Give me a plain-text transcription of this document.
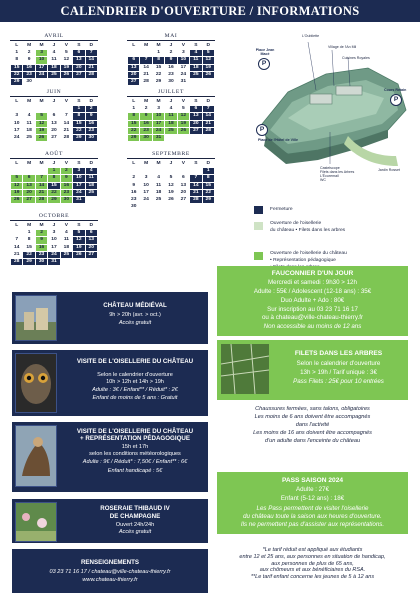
CALENDRIER D'OUVERTURE / INFORMATIONS
AVRIL
L	M	M	J	V	S	D
1	2	3	4	5	6	7
8	9	10	11	12	13	14
15	16	17	18	19	20	21
22	23	24	25	26	27	28
29	30					
MAI
L	M	M	J	V	S	D
		1	2	3	4	5
6	7	8	9	10	11	12
13	14	15	16	17	18	19
20	21	22	23	24	25	26
27	28	29	30	31		
JUIN
L	M	M	J	V	S	D
					1	2
3	4	5	6	7	8	9
10	11	12	13	14	15	16
17	18	19	20	21	22	23
24	25	26	27	28	29	30
JUILLET
L	M	M	J	V	S	D
1	2	3	4	5	6	7
8	9	10	11	12	13	14
15	16	17	18	19	20	21
22	23	24	25	26	27	28
29	30	31				
AOÛT
L	M	M	J	V	S	D
			1	2	3	4
5	6	7	8	9	10	11
12	13	14	15	16	17	18
19	20	21	22	23	24	25
26	27	28	29	30	31	
SEPTEMBRE
L	M	M	J	V	S	D
						1
2	3	4	5	6	7	8
9	10	11	12	13	14	15
16	17	18	19	20	21	22
23	24	25	26	27	28	29
30						
OCTOBRE
L	M	M	J	V	S	D
	1	2	3	4	5	6
7	8	9	10	11	12	13
14	15	16	17	18	19	20
21	22	23	24	25	26	27
28	29	30	31			
L'Oubliette
Village de l'An Mil
Cuisines Royales
Place Jean Macé
P
Cours Retain
P
P
Place de l'Hôtel de Ville
Castelscope
Filets dans les Arbres
L'Écuremail
WC
Jardin Rosset
Fermeture
Ouverture de l'oisellerie
du château • Filets dans les arbres
Ouverture de l'oisellerie du château
• Représentation pédagogique
CHÂTEAU MÉDIÉVAL
9h > 20h (avr. > oct.)
Accès gratuit
VISITE DE L'OISELLERIE DU CHÂTEAU
Selon le calendrier d'ouverture
10h > 12h et 14h > 19h
Adulte : 3€ / Enfant** / Réduit* : 2€
Enfant de moins de 5 ans : Gratuit
VISITE DE L'OISELLERIE DU CHÂTEAU
+ REPRÉSENTATION PÉDAGOGIQUE
15h et 17h
selon les conditions météorologiques
Adulte : 9€ / Réduit* : 7,50€ / Enfant** : 6€
Enfant handicapé : 5€
ROSERAIE THIBAUD IV
DE CHAMPAGNE
Ouvert 24h/24h
Accès gratuit
RENSEIGNEMENTS
03 23 71 16 17 / chateau@ville-chateau-thierry.fr
www.chateau-thierry.fr
FAUCONNIER D'UN JOUR
Mercredi et samedi : 9h30 > 12h
Adulte : 55€ / Adolescent (12-18 ans) : 35€
Duo Adulte + Ado : 80€
Sur inscription au 03 23 71 16 17
ou à chateau@ville-chateau-thierry.fr
Non accessible au moins de 12 ans
FILETS DANS LES ARBRES
Selon le calendrier d'ouverture
13h > 19h / Tarif unique : 3€
Pass Filets : 25€ pour 10 entrées
Chaussures fermées, sans talons, obligatoires
Les moins de 6 ans doivent être accompagnés
dans l'activité
Les moins de 16 ans doivent être accompagnés
d'un adulte dans l'enceinte du château
PASS SAISON 2024
Adulte : 27€
Enfant (5-12 ans) : 18€
Les Pass permettent de visiter l'oisellerie
du château toute la saison aux heures d'ouverture.
Ils ne permettent pas d'assister aux représentations.
*Le tarif réduit est appliqué aux étudiants
entre 12 et 25 ans, aux personnes en situation de handicap,
aux personnes de plus de 65 ans,
aux chômeurs et aux bénéficiaires du RSA.
**Le tarif enfant concerne les jeunes de 5 à 12 ans
